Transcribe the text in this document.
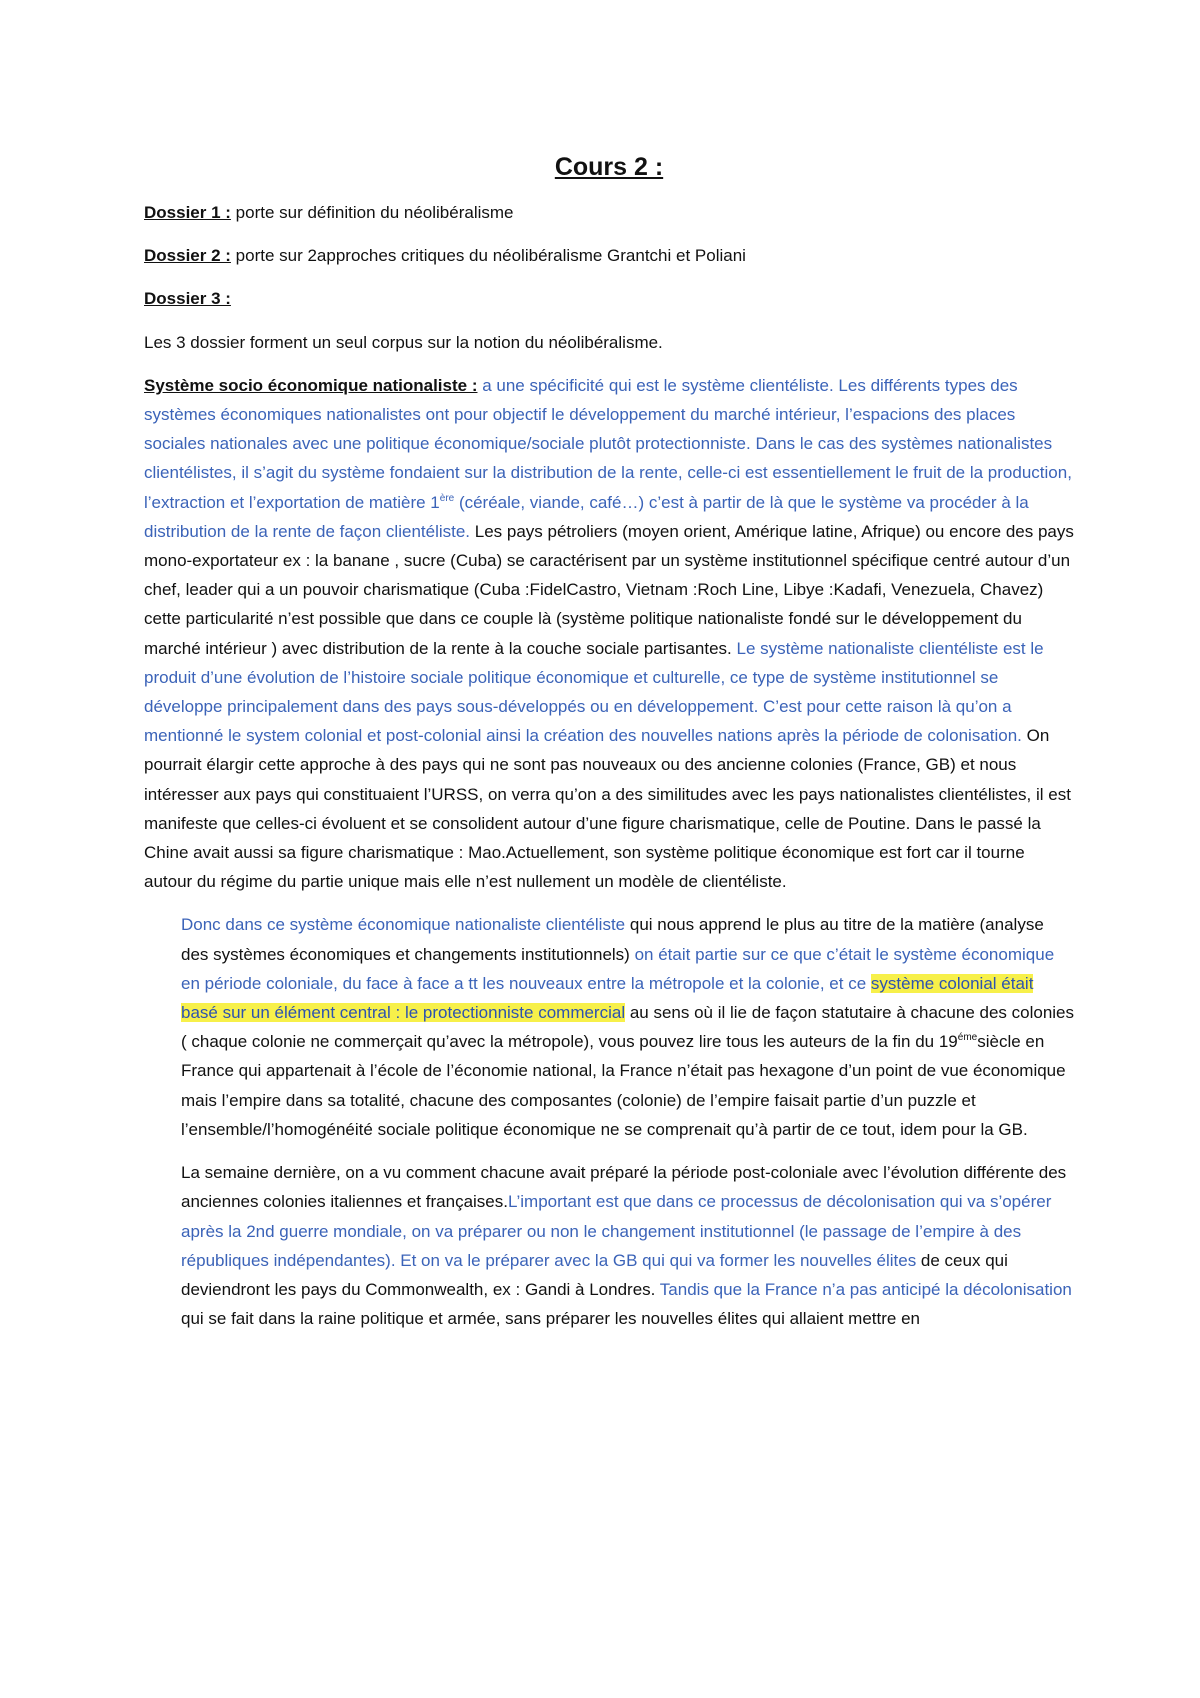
Cours 2 :

Dossier 1 : porte sur définition du néolibéralisme

Dossier 2 : porte sur 2approches critiques du néolibéralisme Grantchi et Poliani

Dossier 3 :

Les 3 dossier forment un seul corpus sur la notion du néolibéralisme.

Système socio économique nationaliste : a une spécificité qui est le système clientéliste. Les différents types des systèmes économiques nationalistes ont pour objectif le développement du marché intérieur, l’espacions des places sociales nationales avec une politique économique/sociale plutôt protectionniste. Dans le cas des systèmes nationalistes clientélistes, il s’agit du système fondaient sur la distribution de la rente, celle-ci est essentiellement le fruit de la production, l’extraction et l’exportation de matière 1ère (céréale, viande, café…) c’est à partir de là que le système va procéder à la distribution de la rente de façon clientéliste. Les pays pétroliers (moyen orient, Amérique latine, Afrique) ou encore des pays mono-exportateur ex : la banane , sucre (Cuba) se caractérisent par un système institutionnel spécifique centré autour d’un chef, leader qui a un pouvoir charismatique (Cuba :FidelCastro, Vietnam :Roch Line, Libye :Kadafi, Venezuela, Chavez) cette particularité n’est possible que dans ce couple là (système politique nationaliste fondé sur le développement du marché intérieur ) avec distribution de la rente à la couche sociale partisantes. Le système nationaliste clientéliste est le produit d’une évolution de l’histoire sociale politique économique et culturelle, ce type de système institutionnel se développe principalement dans des pays sous-développés ou en développement. C’est pour cette raison là qu’on a mentionné le system colonial et post-colonial ainsi la création des nouvelles nations après la période de colonisation. On pourrait élargir cette approche à des pays qui ne sont pas nouveaux ou des ancienne colonies (France, GB) et nous intéresser aux pays qui constituaient l’URSS, on verra qu’on a des similitudes avec les pays nationalistes clientélistes, il est manifeste que celles-ci évoluent et se consolident autour d’une figure charismatique, celle de Poutine. Dans le passé la Chine avait aussi sa figure charismatique : Mao.Actuellement, son système politique économique est fort car il tourne autour du régime du partie unique mais elle n’est nullement un modèle de clientéliste.

Donc dans ce système économique nationaliste clientéliste qui nous apprend le plus au titre de la matière (analyse des systèmes économiques et changements institutionnels) on était partie sur ce que c’était le système économique en période coloniale, du face à face a tt les nouveaux entre la métropole et la colonie, et ce système colonial était basé sur un élément central : le protectionniste commercial au sens où il lie de façon statutaire à chacune des colonies ( chaque colonie ne commerçait qu’avec la métropole), vous pouvez lire tous les auteurs de la fin du $19^{éme}siècle$ en France qui appartenait à l’école de l’économie national, la France n’était pas hexagone d’un point de vue économique mais l’empire dans sa totalité, chacune des composantes (colonie) de l’empire faisait partie d’un puzzle et l’ensemble/l’homogénéité sociale politique économique ne se comprenait qu’à partir de ce tout, idem pour la GB.

La semaine dernière, on a vu comment chacune avait préparé la période post-coloniale avec l’évolution différente des anciennes colonies italiennes et françaises.L’important est que dans ce processus de décolonisation qui va s’opérer après la 2nd guerre mondiale, on va préparer ou non le changement institutionnel (le passage de l’empire à des républiques indépendantes). Et on va le préparer avec la GB qui qui va former les nouvelles élites de ceux qui deviendront les pays du Commonwealth, ex : Gandi à Londres. Tandis que la France n’a pas anticipé la décolonisation qui se fait dans la raine politique et armée, sans préparer les nouvelles élites qui allaient mettre en
